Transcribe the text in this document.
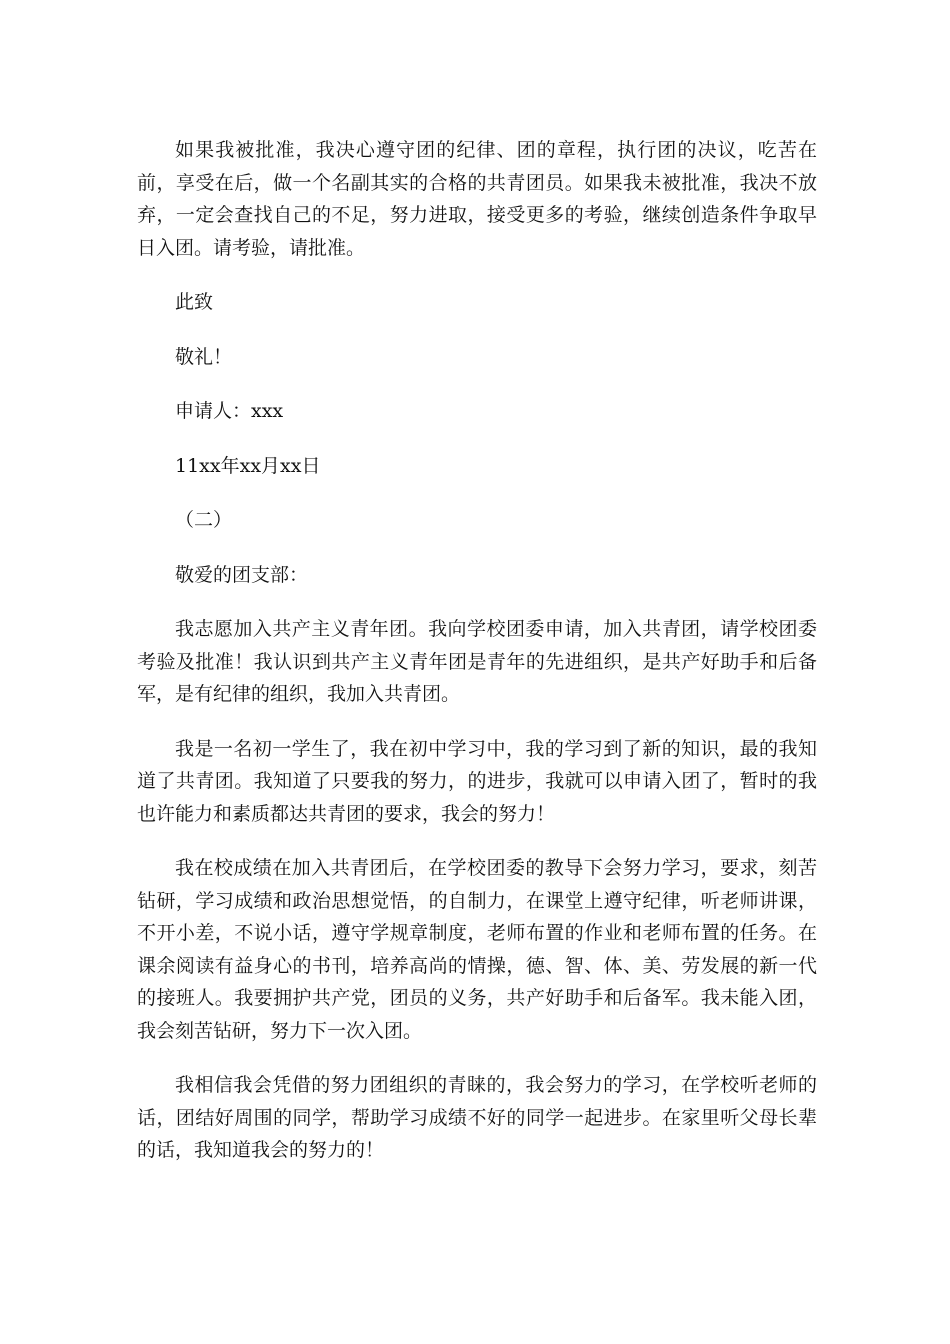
如果我被批准，我决心遵守团的纪律、团的章程，执行团的决议，吃苦在前，享受在后，做一个名副其实的合格的共青团员。如果我未被批准，我决不放弃，一定会查找自己的不足，努力进取，接受更多的考验，继续创造条件争取早日入团。请考验，请批准。

此致

敬礼！

申请人：xxx

11xx年xx月xx日

（二）

敬爱的团支部：

我志愿加入共产主义青年团。我向学校团委申请，加入共青团，请学校团委考验及批准！我认识到共产主义青年团是青年的先进组织，是共产好助手和后备军，是有纪律的组织，我加入共青团。

我是一名初一学生了，我在初中学习中，我的学习到了新的知识，最的我知道了共青团。我知道了只要我的努力，的进步，我就可以申请入团了，暂时的我也许能力和素质都达共青团的要求，我会的努力！

我在校成绩在加入共青团后，在学校团委的教导下会努力学习，要求，刻苦钻研，学习成绩和政治思想觉悟，的自制力，在课堂上遵守纪律，听老师讲课，不开小差，不说小话，遵守学规章制度，老师布置的作业和老师布置的任务。在课余阅读有益身心的书刊，培养高尚的情操，德、智、体、美、劳发展的新一代的接班人。我要拥护共产党，团员的义务，共产好助手和后备军。我未能入团，我会刻苦钻研，努力下一次入团。

我相信我会凭借的努力团组织的青睐的，我会努力的学习，在学校听老师的话，团结好周围的同学，帮助学习成绩不好的同学一起进步。在家里听父母长辈的话，我知道我会的努力的！
